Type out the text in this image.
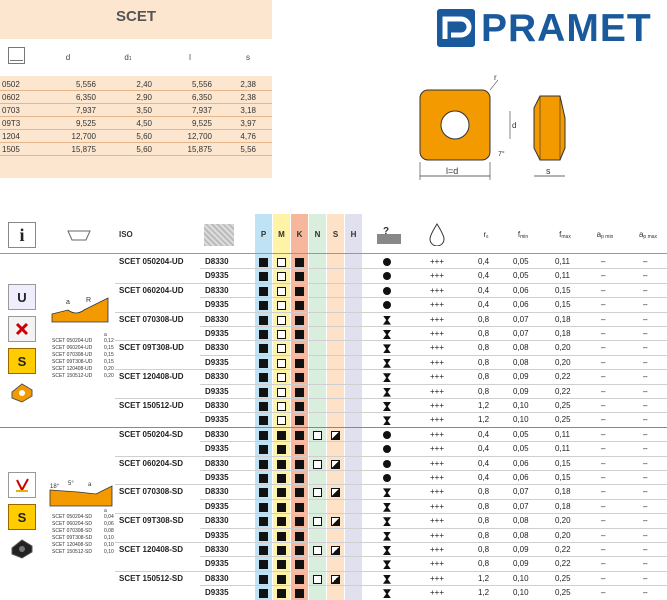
SCET
d	d1	l	s
0502	5,556	2,40	5,556	2,38
0602	6,350	2,90	6,350	2,38
0703	7,937	3,50	7,937	3,18
09T3	9,525	4,50	9,525	3,97
1204	12,700	5,60	12,700	4,76
1505	15,875	5,60	15,875	5,56
PRAMET
l=d
r
d
s
7°
i	ISO	P	M	K	N	S	H	?	r ε	f min	f max	a p min	a p max
U
S
a R
a
SCET 050204-UD 0,12
SCET 060204-UD 0,15
SCET 070308-UD 0,15
SCET 09T308-UD 0,15
SCET 120408-UD 0,20
SCET 150512-UD 0,20
S
18° 5° a
a
SCET 050204-SD 0,04
SCET 060204-SD 0,06
SCET 070308-SD 0,08
SCET 09T308-SD 0,10
SCET 120408-SD 0,10
SCET 150512-SD 0,10
SCET 050204-UD	D8330	+++	0,4	0,05	0,11	–	–
D9335	+++	0,4	0,05	0,11	–	–
SCET 060204-UD	D8330	+++	0,4	0,06	0,15	–	–
D9335	+++	0,4	0,06	0,15	–	–
SCET 070308-UD	D8330	+++	0,8	0,07	0,18	–	–
D9335	+++	0,8	0,07	0,18	–	–
SCET 09T308-UD	D8330	+++	0,8	0,08	0,20	–	–
D9335	+++	0,8	0,08	0,20	–	–
SCET 120408-UD	D8330	+++	0,8	0,09	0,22	–	–
D9335	+++	0,8	0,09	0,22	–	–
SCET 150512-UD	D8330	+++	1,2	0,10	0,25	–	–
D9335	+++	1,2	0,10	0,25	–	–
SCET 050204-SD	D8330	+++	0,4	0,05	0,11	–	–
D9335	+++	0,4	0,05	0,11	–	–
SCET 060204-SD	D8330	+++	0,4	0,06	0,15	–	–
D9335	+++	0,4	0,06	0,15	–	–
SCET 070308-SD	D8330	+++	0,8	0,07	0,18	–	–
D9335	+++	0,8	0,07	0,18	–	–
SCET 09T308-SD	D8330	+++	0,8	0,08	0,20	–	–
D9335	+++	0,8	0,08	0,20	–	–
SCET 120408-SD	D8330	+++	0,8	0,09	0,22	–	–
D9335	+++	0,8	0,09	0,22	–	–
SCET 150512-SD	D8330	+++	1,2	0,10	0,25	–	–
D9335	+++	1,2	0,10	0,25	–	–
